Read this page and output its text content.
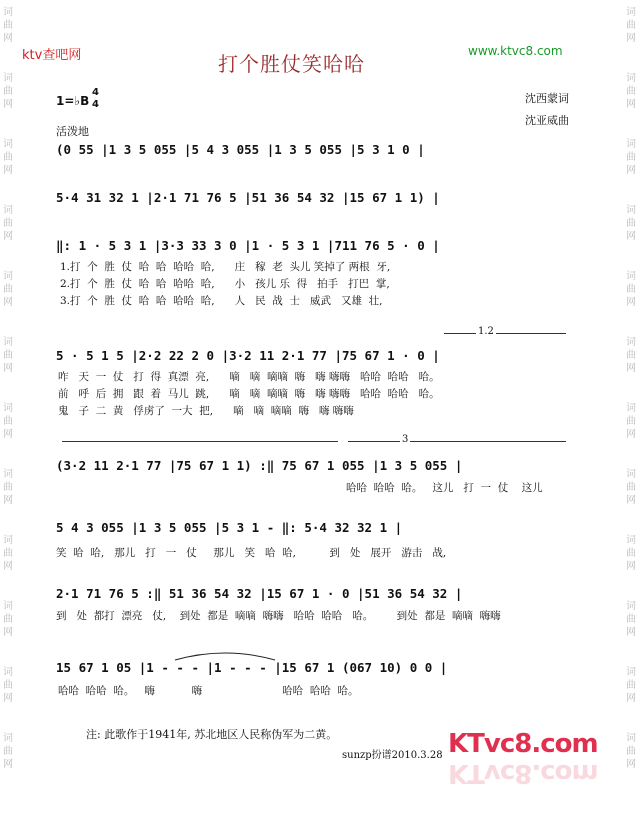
词
曲
网
词
曲
网
词
曲
网
词
曲
网
词
曲
网
词
曲
网
词
曲
网
词
曲
网
词
曲
网
词
曲
网
词
曲
网
词
曲
网
词
曲
网
词
曲
网
词
曲
网
词
曲
网
词
曲
网
词
曲
网
词
曲
网
词
曲
网
词
曲
网
词
曲
网
词
曲
网
词
曲
网
ktv查吧网	www.ktvc8.com
打个胜仗笑哈哈
1=♭B
4
4	沈西蒙词
沈亚威曲
活泼地
(0 55 |1 3 5 055 |5 4 3 055 |1 3 5 055 |5 3 1 0 |
5·4 31 32 1 |2·1 71 76 5 |51 36 54 32 |15 67 1 1) |
‖: 1 · 5 3 1 |3·3 33 3 0 |1 · 5 3 1 |711 76 5 · 0 |
1.打  个  胜  仗  哈  哈  哈哈  哈,      庄   稼  老  头儿 笑掉了 两根  牙,
2.打  个  胜  仗  哈  哈  哈哈  哈,      小   孩儿 乐  得   拍手   打巴  掌,
3.打  个  胜  仗  哈  哈  哈哈  哈,      人   民  战  士   威武   又雄  壮,
1.2
5 · 5 1 5 |2·2 22 2 0 |3·2 11 2·1 77 |75 67 1 · 0 |
咋   天  一  仗   打  得  真漂  亮,      嘀   嘀  嘀嘀  嗨   嗨 嗨嗨   哈哈  哈哈   哈。
前   呼  后  拥   跟  着  马儿  跳,      嘀   嘀  嘀嘀  嗨   嗨 嗨嗨   哈哈  哈哈   哈。
鬼   子  二  黄   俘虏了  一大  把,      嘀   嘀  嘀嘀  嗨   嗨 嗨嗨
3
(3·2 11 2·1 77 |75 67 1 1) :‖ 75 67 1 055 |1 3 5 055 |
哈哈  哈哈  哈。   这儿   打  一  仗    这儿
5 4 3 055 |1 3 5 055 |5 3 1 - ‖: 5·4 32 32 1 |
笑  哈  哈,   那儿   打   一   仗     那儿   笑   哈  哈,          到   处   展开   游击   战,
2·1 71 76 5 :‖ 51 36 54 32 |15 67 1 · 0 |51 36 54 32 |
到   处  都打  漂亮   仗,    到处  都是  嘀嘀  嗨嗨   哈哈  哈哈   哈。       到处  都是  嘀嘀  嗨嗨
15 67 1 05 |1 - - - |1 - - - |15 67 1 (067 10) 0 0 |
哈哈  哈哈  哈。   嗨           嗨                        哈哈  哈哈  哈。
注: 此歌作于1941年, 苏北地区人民称伪军为二黄。
sunzp扮谱2010.3.28 KTvc8.com
KTvc8.com
